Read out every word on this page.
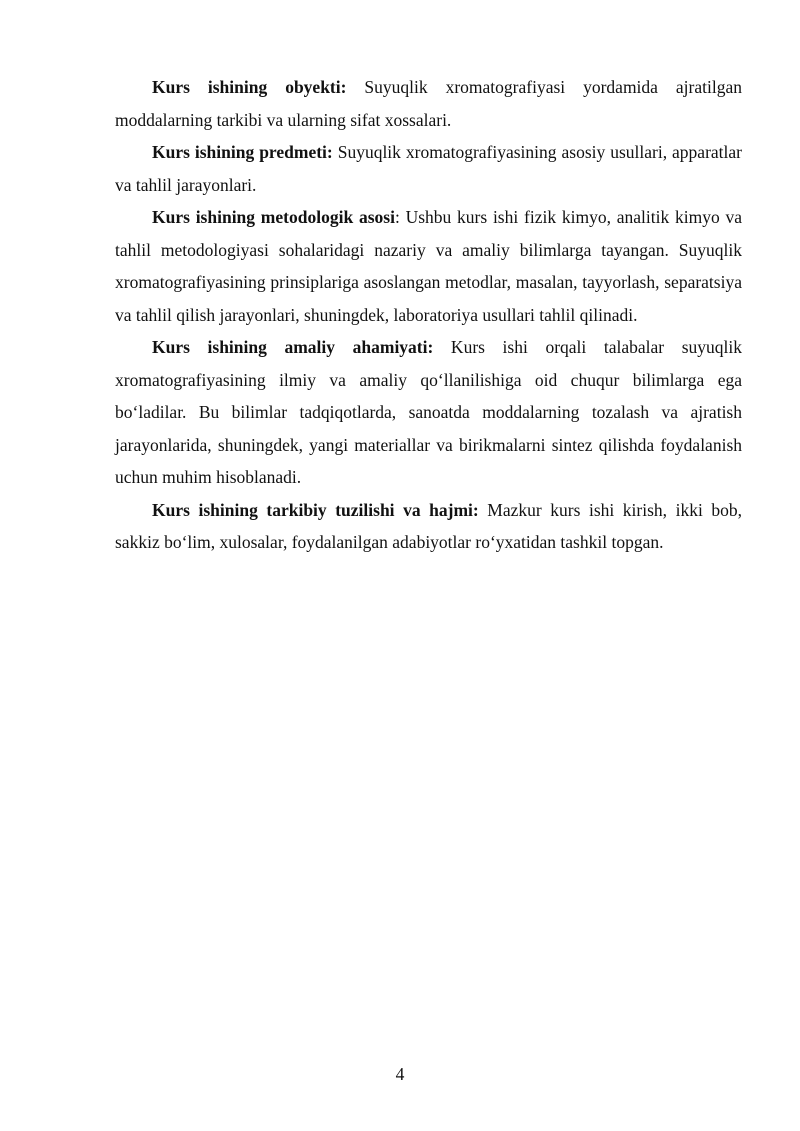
Kurs ishining obyekti: Suyuqlik xromatografiyasi yordamida ajratilgan moddalarning tarkibi va ularning sifat xossalari.

Kurs ishining predmeti: Suyuqlik xromatografiyasining asosiy usullari, apparatlar va tahlil jarayonlari.

Kurs ishining metodologik asosi: Ushbu kurs ishi fizik kimyo, analitik kimyo va tahlil metodologiyasi sohalaridagi nazariy va amaliy bilimlarga tayangan. Suyuqlik xromatografiyasining prinsiplariga asoslangan metodlar, masalan, tayyorlash, separatsiya va tahlil qilish jarayonlari, shuningdek, laboratoriya usullari tahlil qilinadi.

Kurs ishining amaliy ahamiyati: Kurs ishi orqali talabalar suyuqlik xromatografiyasining ilmiy va amaliy qo‘llanilishiga oid chuqur bilimlarga ega bo‘ladilar. Bu bilimlar tadqiqotlarda, sanoatda moddalarning tozalash va ajratish jarayonlarida, shuningdek, yangi materiallar va birikmalarni sintez qilishda foydalanish uchun muhim hisoblanadi.

Kurs ishining tarkibiy tuzilishi va hajmi: Mazkur kurs ishi kirish, ikki bob, sakkiz bo‘lim, xulosalar, foydalanilgan adabiyotlar ro‘yxatidan tashkil topgan.

4
